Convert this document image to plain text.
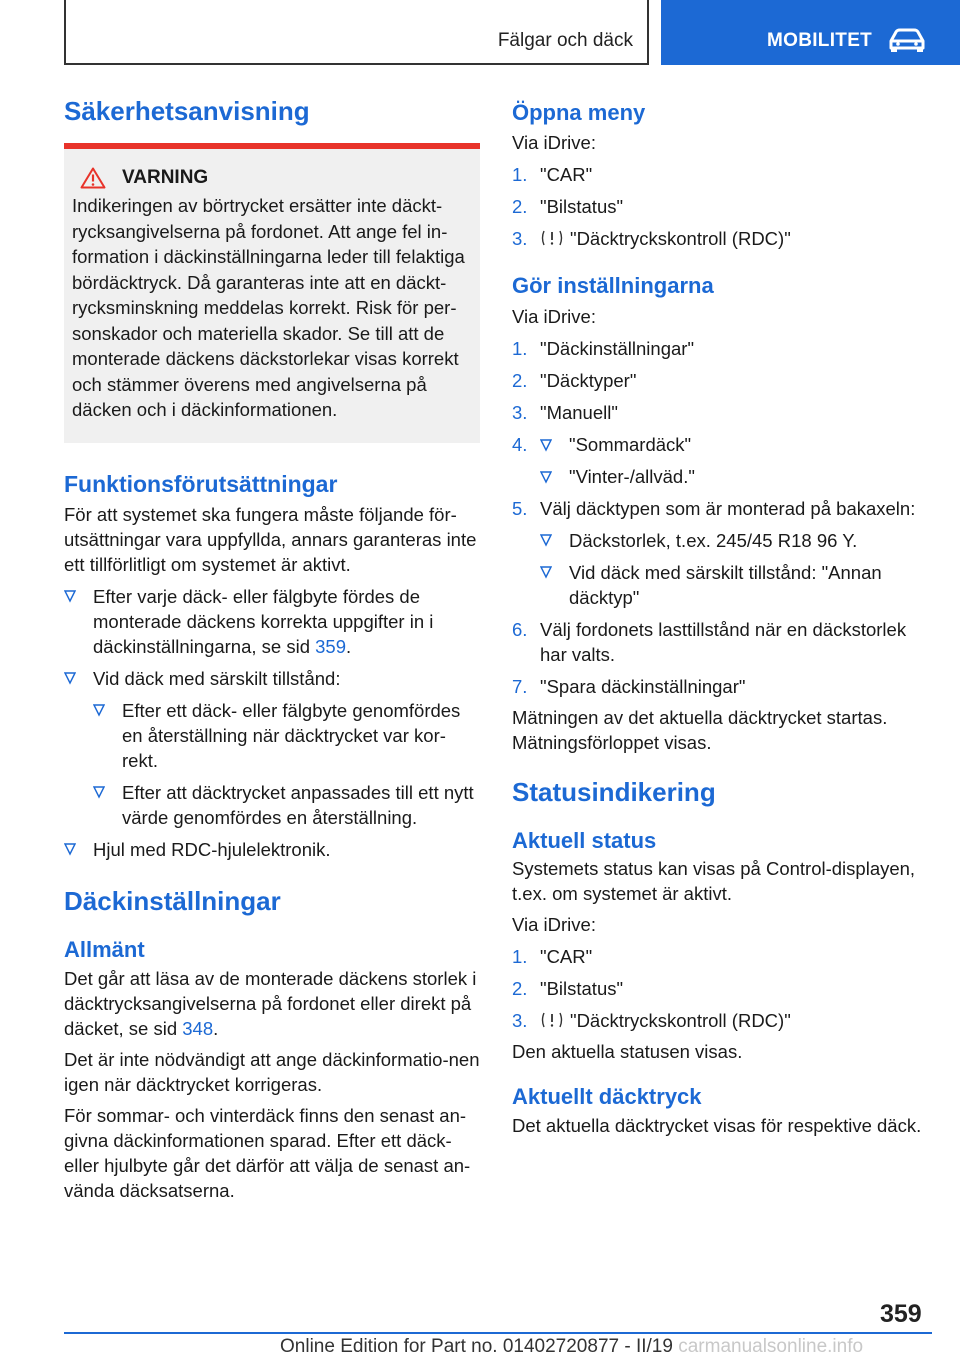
Fälgar och däck	MOBILITET
Säkerhetsanvisning
VARNING

Indikeringen av börtrycket ersätter inte däckt-rycksangivelserna på fordonet. Att ange fel in-formation i däckinställningarna leder till felaktiga bördäcktryck. Då garanteras inte att en däckt-rycksminskning meddelas korrekt. Risk för per-sonskador och materiella skador. Se till att de monterade däckens däckstorlekar visas korrekt och stämmer överens med angivelserna på däcken och i däckinformationen.

Funktionsförutsättningar

För att systemet ska fungera måste följande för-utsättningar vara uppfyllda, annars garanteras inte ett tillförlitligt om systemet är aktivt.

Efter varje däck- eller fälgbyte fördes de monterade däckens korrekta uppgifter in i däckinställningarna, se sid 359.
Vid däck med särskilt tillstånd:
Efter ett däck- eller fälgbyte genomfördes en återställning när däcktrycket var kor-rekt.
Efter att däcktrycket anpassades till ett nytt värde genomfördes en återställning.
Hjul med RDC-hjulelektronik.
Däckinställningar
Allmänt

Det går att läsa av de monterade däckens storlek i däcktrycksangivelserna på fordonet eller direkt på däcket, se sid 348.

Det är inte nödvändigt att ange däckinformatio-nen igen när däcktrycket korrigeras.

För sommar- och vinterdäck finns den senast an-givna däckinformationen sparad. Efter ett däck-eller hjulbyte går det därför att välja de senast an-vända däcksatserna.

Öppna meny

Via iDrive:

1. "CAR"
2. "Bilstatus"
3. "Däcktryckskontroll (RDC)"
Gör inställningarna

Via iDrive:

1. "Däckinställningar"
2. "Däcktyper"
3. "Manuell"
4. "Sommardäck"
"Vinter-/allväd."
5. Välj däcktypen som är monterad på bakaxeln:
Däckstorlek, t.ex. 245/45 R18 96 Y.
Vid däck med särskilt tillstånd: "Annan däcktyp"
6. Välj fordonets lasttillstånd när en däckstorlek har valts.
7. "Spara däckinställningar"

Mätningen av det aktuella däcktrycket startas. Mätningsförloppet visas.

Statusindikering
Aktuell status

Systemets status kan visas på Control-displayen, t.ex. om systemet är aktivt.

Via iDrive:

1. "CAR"
2. "Bilstatus"
3. "Däcktryckskontroll (RDC)"

Den aktuella statusen visas.

Aktuellt däcktryck

Det aktuella däcktrycket visas för respektive däck.

359
Online Edition for Part no. 01402720877 - II/19 carmanualsonline.info
